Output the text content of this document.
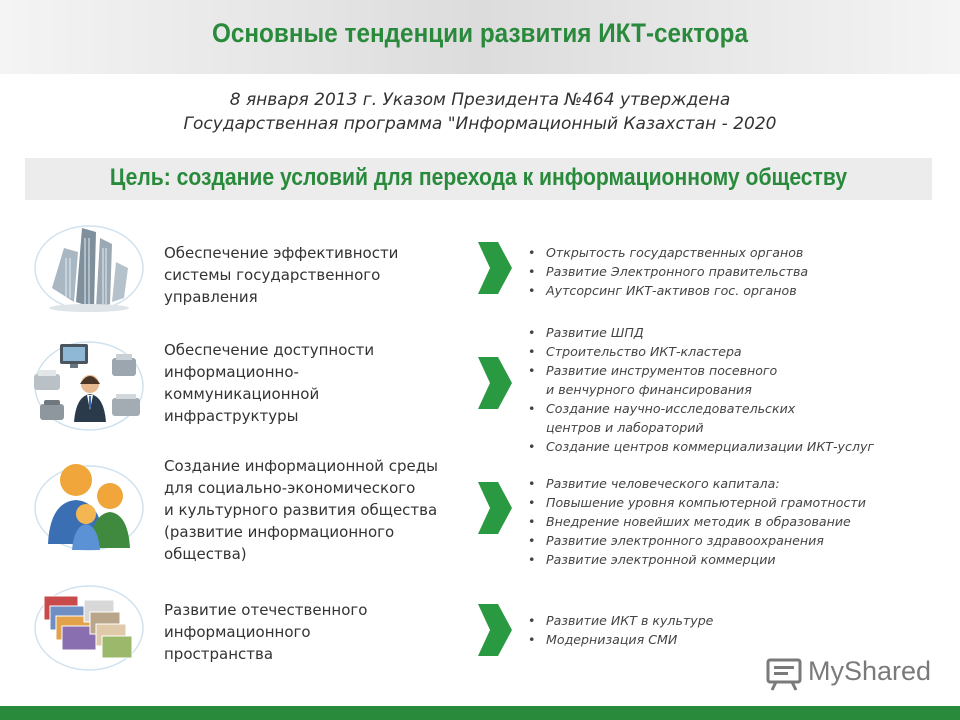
Основные тенденции развития ИКТ-сектора
8 января 2013 г. Указом Президента №464 утверждена
Государственная программа "Информационный Казахстан - 2020
Цель: создание условий для перехода к информационному обществу
Обеспечение эффективности
системы государственного
управления
• Открытость государственных органов
• Развитие Электронного правительства
• Аутсорсинг ИКТ-активов гос. органов
Обеспечение доступности
информационно-
коммуникационной
инфраструктуры
• Развитие ШПД
• Строительство ИКТ-кластера
• Развитие инструментов посевного
и венчурного финансирования
• Создание научно-исследовательских
центров и лабораторий
• Создание центров коммерциализации ИКТ-услуг
Создание информационной среды
для социально-экономического
и культурного развития общества
(развитие информационного
общества)
• Развитие человеческого капитала:
• Повышение уровня компьютерной грамотности
• Внедрение новейших методик в образование
• Развитие электронного здравоохранения
• Развитие электронной коммерции
Развитие отечественного
информационного
пространства
• Развитие ИКТ в культуре
• Модернизация СМИ
MyShared
